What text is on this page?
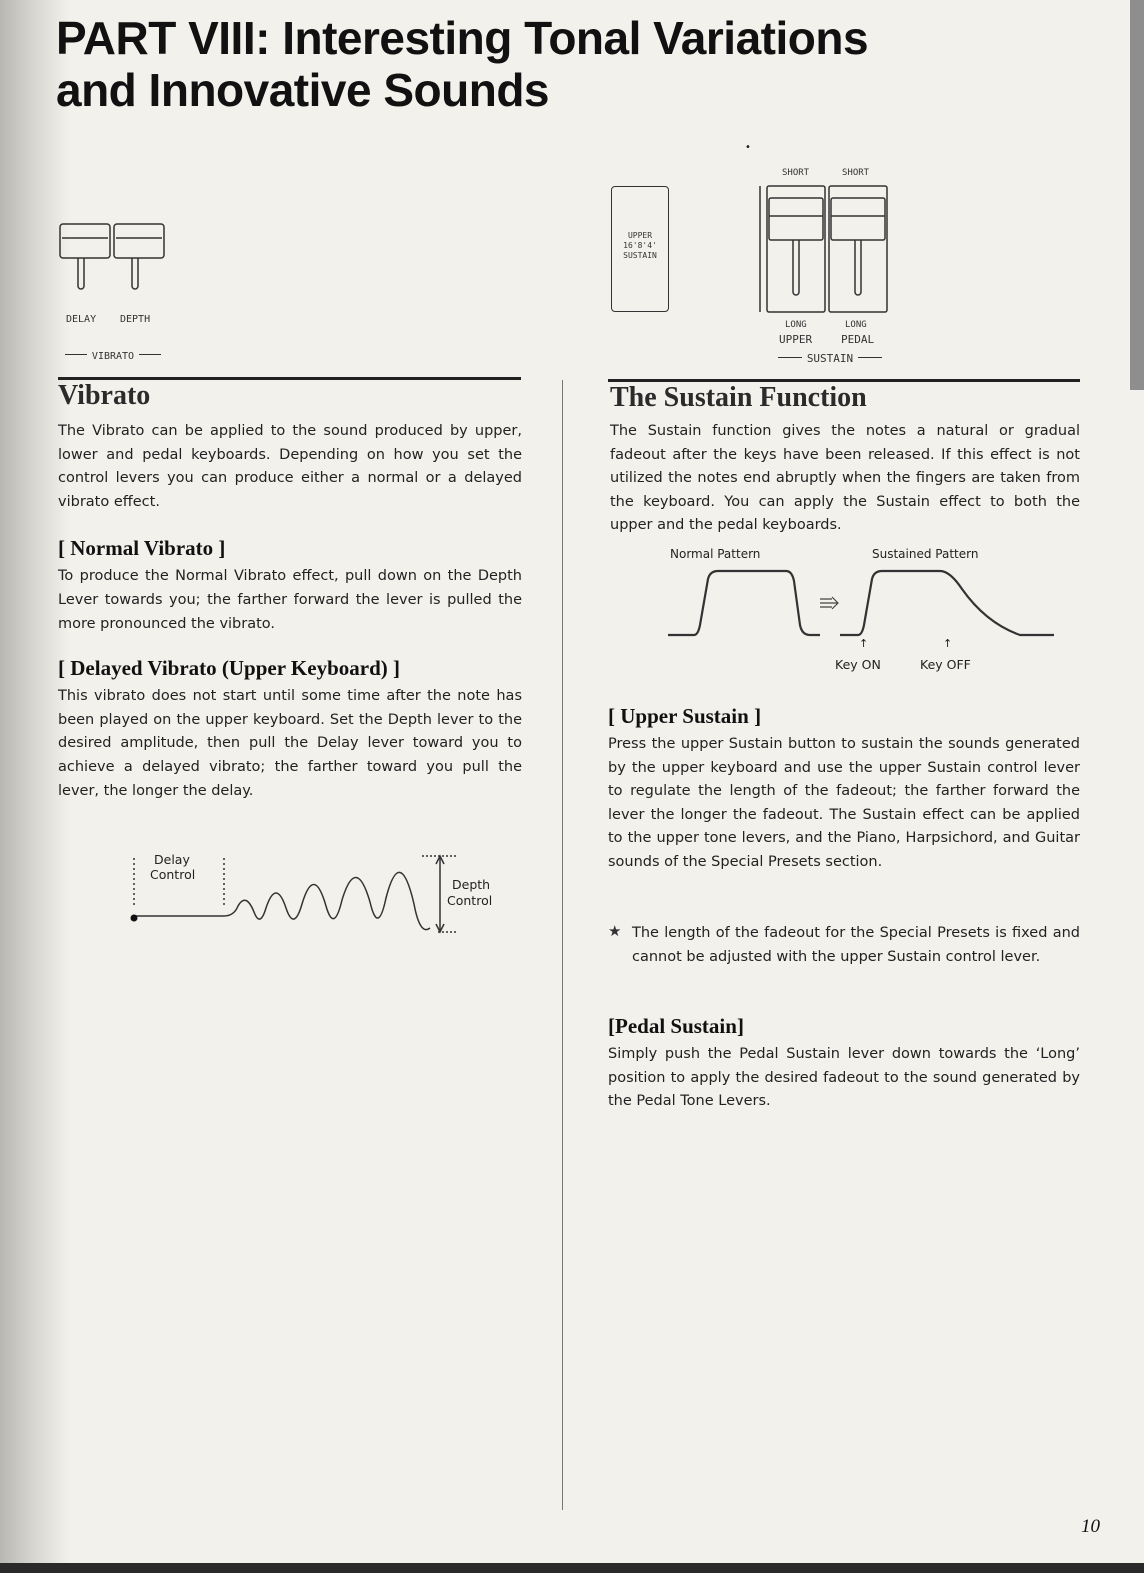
PART VIII: Interesting Tonal Variations and Innovative Sounds
DELAY DEPTH
VIBRATO
•
UPPER 16'8'4' SUSTAIN
SHORT	SHORT
LONG	LONG
UPPER	PEDAL
SUSTAIN
Vibrato

The Vibrato can be applied to the sound produced by upper, lower and pedal keyboards. Depending on how you set the control levers you can produce either a normal or a delayed vibrato effect.

[ Normal Vibrato ]

To produce the Normal Vibrato effect, pull down on the Depth Lever towards you; the farther forward the lever is pulled the more pronounced the vibrato.

[ Delayed Vibrato (Upper Keyboard) ]

This vibrato does not start until some time after the note has been played on the upper keyboard. Set the Depth lever to the desired amplitude, then pull the Delay lever toward you to achieve a delayed vibrato; the farther toward you pull the lever, the longer the delay.

Delay
Control
Depth
Control
The Sustain Function

The Sustain function gives the notes a natural or gradual fadeout after the keys have been released. If this effect is not utilized the notes end abruptly when the fingers are taken from the keyboard. You can apply the Sustain effect to both the upper and the pedal keyboards.

Normal Pattern	Sustained Pattern
↑	↑
Key ON	Key OFF
[ Upper Sustain ]

Press the upper Sustain button to sustain the sounds generated by the upper keyboard and use the upper Sustain control lever to regulate the length of the fadeout; the farther forward the lever the longer the fadeout. The Sustain effect can be applied to the upper tone levers, and the Piano, Harpsichord, and Guitar sounds of the Special Presets section.

★ The length of the fadeout for the Special Presets is fixed and cannot be adjusted with the upper Sustain control lever.

[Pedal Sustain]

Simply push the Pedal Sustain lever down towards the ‘Long’ position to apply the desired fadeout to the sound generated by the Pedal Tone Levers.

10
